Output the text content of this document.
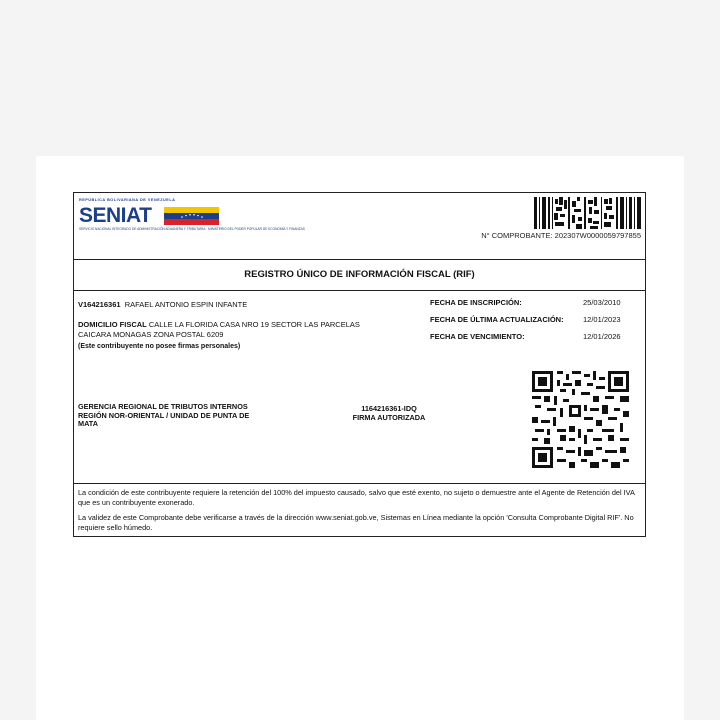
REPÚBLICA BOLIVARIANA DE VENEZUELA
SENIAT
SERVICIO NACIONAL INTEGRADO DE ADMINISTRACIÓN ADUANERA Y TRIBUTARIA · MINISTERIO DEL PODER POPULAR DE ECONOMÍA Y FINANZAS
N° COMPROBANTE: 202307W0000059797855
REGISTRO ÚNICO DE INFORMACIÓN FISCAL (RIF)
V164216361 RAFAEL ANTONIO ESPIN INFANTE
DOMICILIO FISCAL CALLE LA FLORIDA CASA NRO 19 SECTOR LAS PARCELAS
CAICARA MONAGAS ZONA POSTAL 6209
(Este contribuyente no posee firmas personales)
FECHA DE INSCRIPCIÓN:	25/03/2010
FECHA DE ÚLTIMA ACTUALIZACIÓN:	12/01/2023
FECHA DE VENCIMIENTO:	12/01/2026
GERENCIA REGIONAL DE TRIBUTOS INTERNOS
REGIÓN NOR-ORIENTAL / UNIDAD DE PUNTA DE
MATA
1164216361-IDQ
FIRMA AUTORIZADA

La condición de este contribuyente requiere la retención del 100% del impuesto causado, salvo que esté exento, no sujeto o demuestre ante el Agente de Retención del IVA que es un contribuyente exonerado.

La validez de este Comprobante debe verificarse a través de la dirección www.seniat.gob.ve, Sistemas en Línea mediante la opción 'Consulta Comprobante Digital RIF'. No requiere sello húmedo.
